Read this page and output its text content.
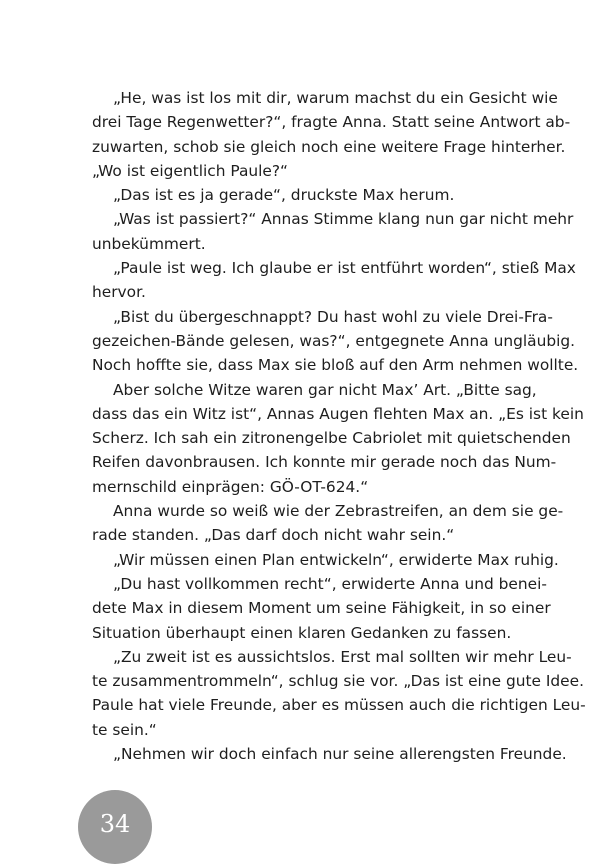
„He, was ist los mit dir, warum machst du ein Gesicht wie
drei Tage Regenwetter?“, fragte Anna. Statt seine Antwort ab-
zuwarten, schob sie gleich noch eine weitere Frage hinterher.
„Wo ist eigentlich Paule?“
„Das ist es ja gerade“, druckste Max herum.
„Was ist passiert?“ Annas Stimme klang nun gar nicht mehr
unbekümmert.
„Paule ist weg. Ich glaube er ist entführt worden“, stieß Max
hervor.
„Bist du übergeschnappt? Du hast wohl zu viele Drei-Fra-
gezeichen-Bände gelesen, was?“, entgegnete Anna ungläubig.
Noch hoffte sie, dass Max sie bloß auf den Arm nehmen wollte.
Aber solche Witze waren gar nicht Max’ Art. „Bitte sag,
dass das ein Witz ist“, Annas Augen flehten Max an. „Es ist kein
Scherz. Ich sah ein zitronengelbe Cabriolet mit quietschenden
Reifen davonbrausen. Ich konnte mir gerade noch das Num-
mernschild einprägen: GÖ-OT-624.“
Anna wurde so weiß wie der Zebrastreifen, an dem sie ge-
rade standen. „Das darf doch nicht wahr sein.“
„Wir müssen einen Plan entwickeln“, erwiderte Max ruhig.
„Du hast vollkommen recht“, erwiderte Anna und benei-
dete Max in diesem Moment um seine Fähigkeit, in so einer
Situation überhaupt einen klaren Gedanken zu fassen.
„Zu zweit ist es aussichtslos. Erst mal sollten wir mehr Leu-
te zusammentrommeln“, schlug sie vor. „Das ist eine gute Idee.
Paule hat viele Freunde, aber es müssen auch die richtigen Leu-
te sein.“
„Nehmen wir doch einfach nur seine allerengsten Freunde.
34
